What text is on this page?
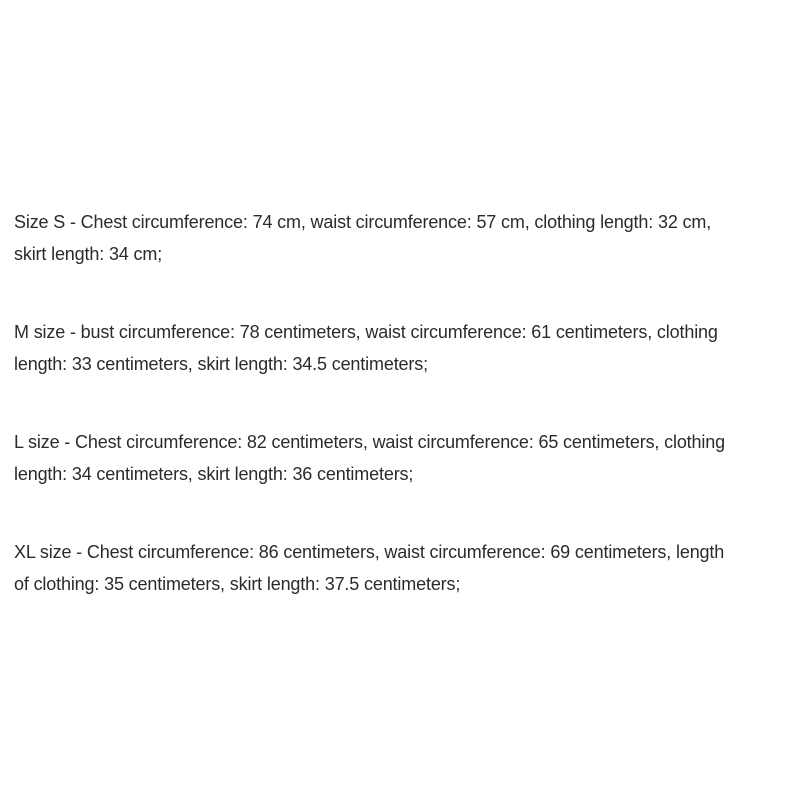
Size S - Chest circumference: 74 cm, waist circumference: 57 cm, clothing length: 32 cm,
skirt length: 34 cm;

M size - bust circumference: 78 centimeters, waist circumference: 61 centimeters, clothing
length: 33 centimeters, skirt length: 34.5 centimeters;

L size - Chest circumference: 82 centimeters, waist circumference: 65 centimeters, clothing
length: 34 centimeters, skirt length: 36 centimeters;

XL size - Chest circumference: 86 centimeters, waist circumference: 69 centimeters, length
of clothing: 35 centimeters, skirt length: 37.5 centimeters;
